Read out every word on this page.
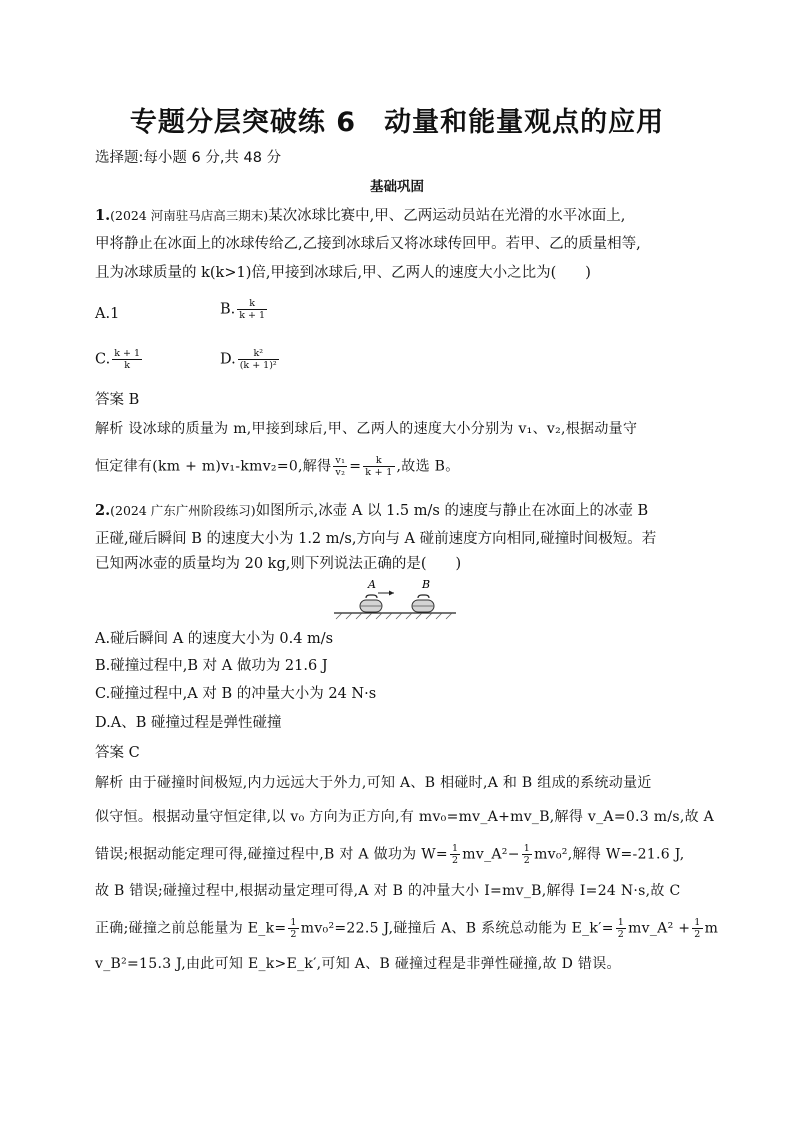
专题分层突破练 6　动量和能量观点的应用
选择题:每小题 6 分,共 48 分
基础巩固
1.(2024 河南驻马店高三期末)某次冰球比赛中,甲、乙两运动员站在光滑的水平冰面上,
甲将静止在冰面上的冰球传给乙,乙接到冰球后又将冰球传回甲。若甲、乙的质量相等,
且为冰球质量的 k(k>1)倍,甲接到冰球后,甲、乙两人的速度大小之比为(　　)
A.1	B. $\frac{k}{k + 1}$
C. $\frac{k + 1}{k}$	D. $\frac{\text{k²}}{\text{(k + 1)²}}$
答案 B
解析 设冰球的质量为 m,甲接到球后,甲、乙两人的速度大小分别为 v₁、v₂,根据动量守
恒定律有(km + m)v₁-kmv₂=0,解得 $\frac{\text{v₁}}{\text{v₂}} = \frac{k}{k + 1}$ ,故选 B。
2.(2024 广东广州阶段练习)如图所示,冰壶 A 以 1.5 m/s 的速度与静止在冰面上的冰壶 B
正碰,碰后瞬间 B 的速度大小为 1.2 m/s,方向与 A 碰前速度方向相同,碰撞时间极短。若
已知两冰壶的质量均为 20 kg,则下列说法正确的是(　　)
A	B
A.碰后瞬间 A 的速度大小为 0.4 m/s
B.碰撞过程中,B 对 A 做功为 21.6 J
C.碰撞过程中,A 对 B 的冲量大小为 24 N·s
D.A、B 碰撞过程是弹性碰撞
答案 C
解析 由于碰撞时间极短,内力远远大于外力,可知 A、B 相碰时,A 和 B 组成的系统动量近
似守恒。根据动量守恒定律,以 v₀ 方向为正方向,有 mv₀=mv_A+mv_B,解得 v_A=0.3 m/s,故 A
错误;根据动能定理可得,碰撞过程中,B 对 A 做功为 $W= \frac{1}{2}$ mv_A²− $\frac{1}{2} mv_0^2$,解得 W=-21.6 J,
故 B 错误;碰撞过程中,根据动量定理可得,A 对 B 的冲量大小 I=mv_B,解得 I=24 N·s,故 C
正确;碰撞之前总能量为 E_k= $\frac{1}{2} mv_0^2=22.5$ J,碰撞后 A、B 系统总动能为 E_k′= $\frac{1}{2}$ mv_A² + $\frac{1}{2}$ m
v_B²=15.3 J,由此可知 E_k>E_k′,可知 A、B 碰撞过程是非弹性碰撞,故 D 错误。
